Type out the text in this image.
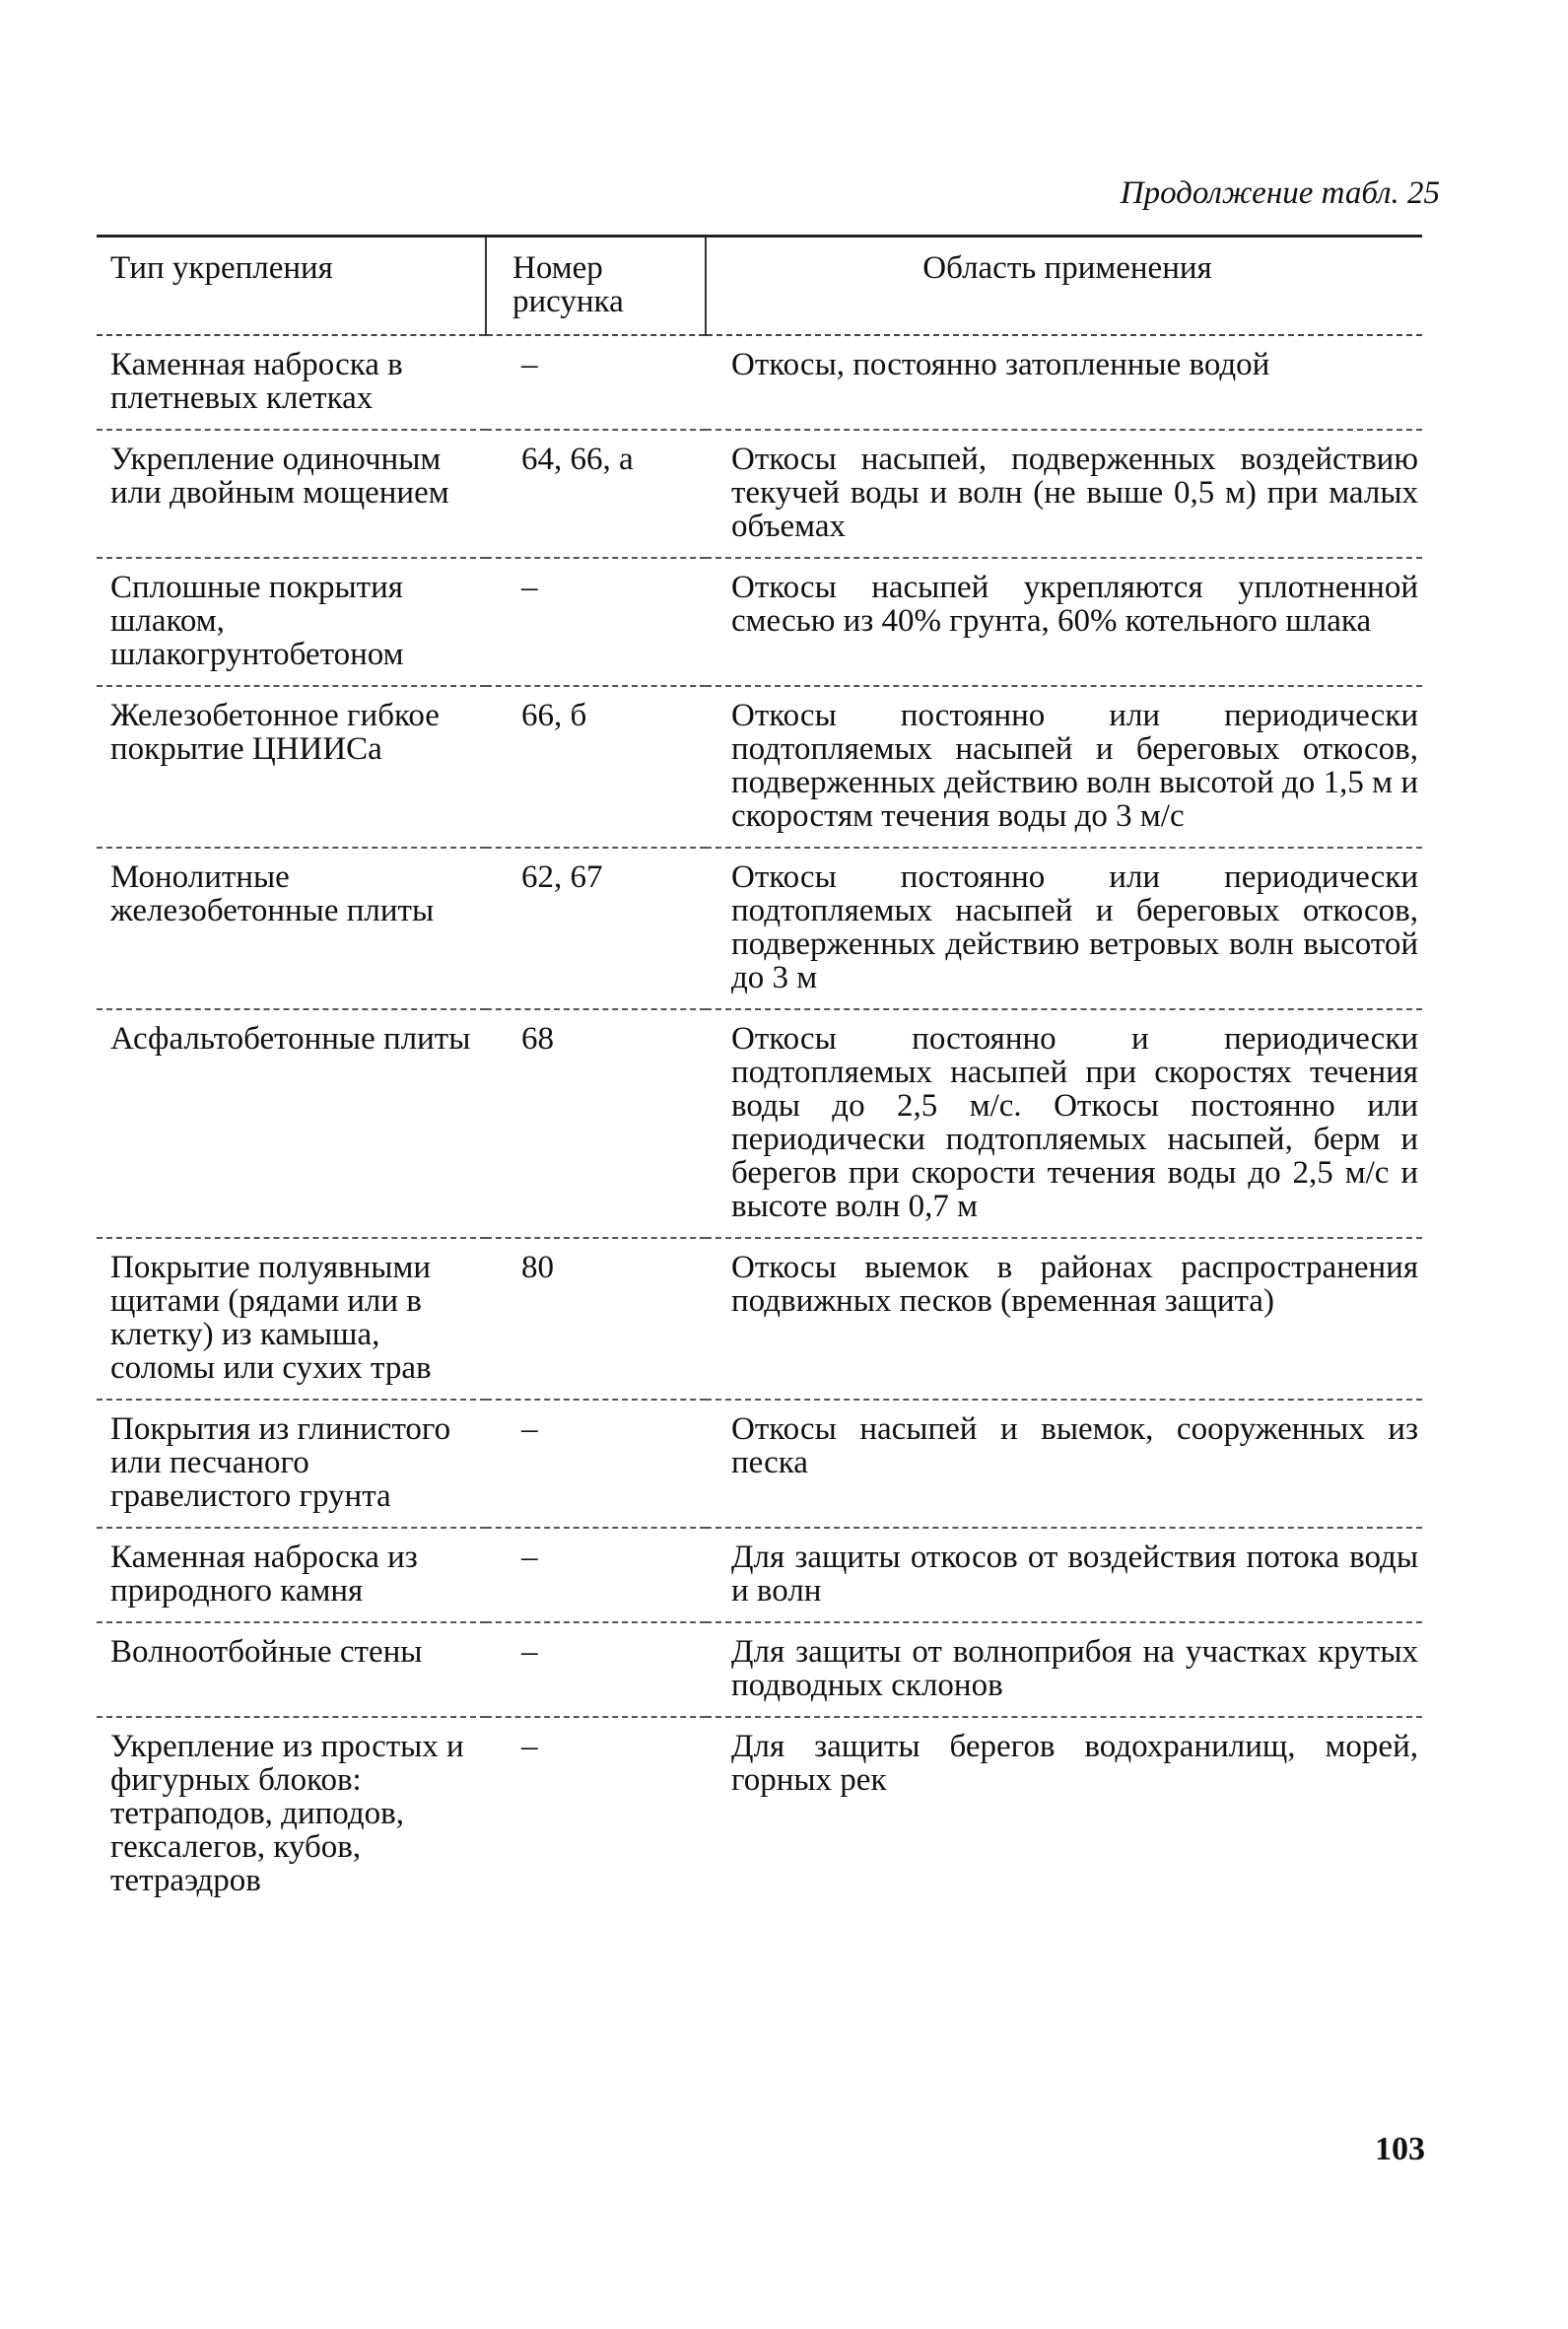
Продолжение табл. 25
Тип укрепления	Номер рисунка	Область применения
Каменная наброска в плетневых клетках	–	Откосы, постоянно затопленные водой
Укрепление одиночным или двойным мощением	64, 66, а	Откосы насыпей, подверженных воздействию текучей воды и волн (не выше 0,5 м) при малых объемах
Сплошные покрытия шлаком, шлакогрунтобетоном	–	Откосы насыпей укрепляются уплотненной смесью из 40% грунта, 60% котельного шлака
Железобетонное гибкое покрытие ЦНИИСа	66, б	Откосы постоянно или периодически подтопляемых насыпей и береговых откосов, подверженных действию волн высотой до 1,5 м и скоростям течения воды до 3 м/с
Монолитные железобетонные плиты	62, 67	Откосы постоянно или периодически подтопляемых насыпей и береговых откосов, подверженных действию ветровых волн высотой до 3 м
Асфальтобетонные плиты	68	Откосы постоянно и периодически подтопляемых насыпей при скоростях течения воды до 2,5 м/с. Откосы постоянно или периодически подтопляемых насыпей, берм и берегов при скорости течения воды до 2,5 м/с и высоте волн 0,7 м
Покрытие полуявными щитами (рядами или в клетку) из камыша, соломы или сухих трав	80	Откосы выемок в районах распространения подвижных песков (временная защита)
Покрытия из глинистого или песчаного гравелистого грунта	–	Откосы насыпей и выемок, сооруженных из песка
Каменная наброска из природного камня	–	Для защиты откосов от воздействия потока воды и волн
Волноотбойные стены	–	Для защиты от волноприбоя на участках крутых подводных склонов
Укрепление из простых и фигурных блоков: тетраподов, диподов, гексалегов, кубов, тетраэдров	–	Для защиты берегов водохранилищ, морей, горных рек
103
